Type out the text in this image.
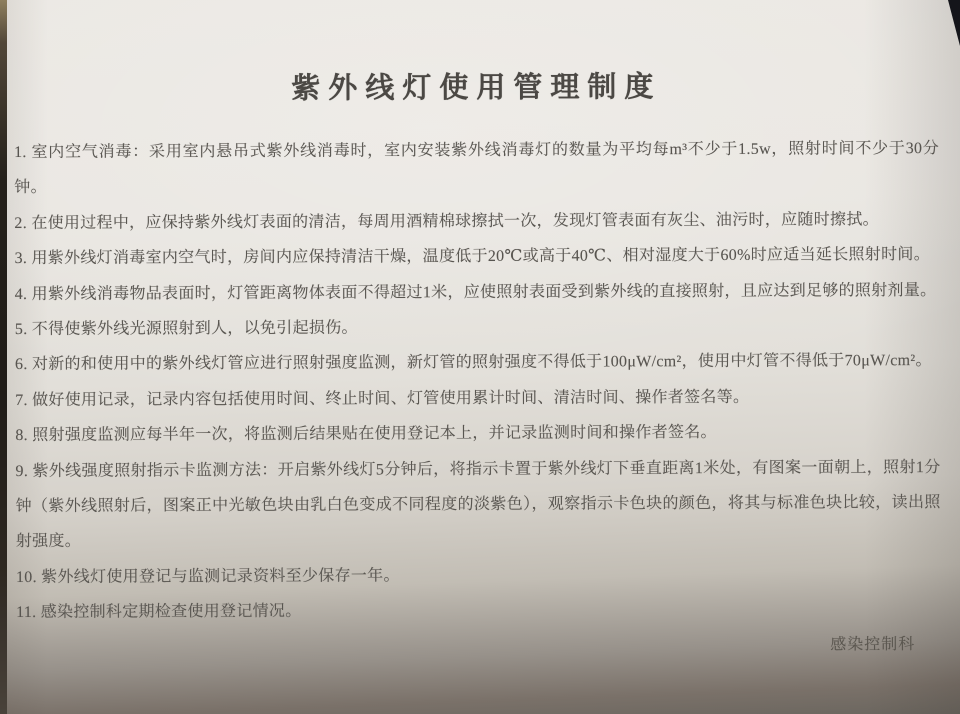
紫外线灯使用管理制度

1. 室内空气消毒：采用室内悬吊式紫外线消毒时，室内安装紫外线消毒灯的数量为平均每m³不少于1.5w，照射时间不少于30分钟。

2. 在使用过程中，应保持紫外线灯表面的清洁，每周用酒精棉球擦拭一次，发现灯管表面有灰尘、油污时，应随时擦拭。

3. 用紫外线灯消毒室内空气时，房间内应保持清洁干燥，温度低于20℃或高于40℃、相对湿度大于60%时应适当延长照射时间。

4. 用紫外线消毒物品表面时，灯管距离物体表面不得超过1米，应使照射表面受到紫外线的直接照射，且应达到足够的照射剂量。

5. 不得使紫外线光源照射到人，以免引起损伤。

6. 对新的和使用中的紫外线灯管应进行照射强度监测，新灯管的照射强度不得低于100μW/cm²，使用中灯管不得低于70μW/cm²。

7. 做好使用记录，记录内容包括使用时间、终止时间、灯管使用累计时间、清洁时间、操作者签名等。

8. 照射强度监测应每半年一次，将监测后结果贴在使用登记本上，并记录监测时间和操作者签名。

9. 紫外线强度照射指示卡监测方法：开启紫外线灯5分钟后，将指示卡置于紫外线灯下垂直距离1米处，有图案一面朝上，照射1分钟（紫外线照射后，图案正中光敏色块由乳白色变成不同程度的淡紫色），观察指示卡色块的颜色，将其与标准色块比较，读出照射强度。

10. 紫外线灯使用登记与监测记录资料至少保存一年。

11. 感染控制科定期检查使用登记情况。

感染控制科
